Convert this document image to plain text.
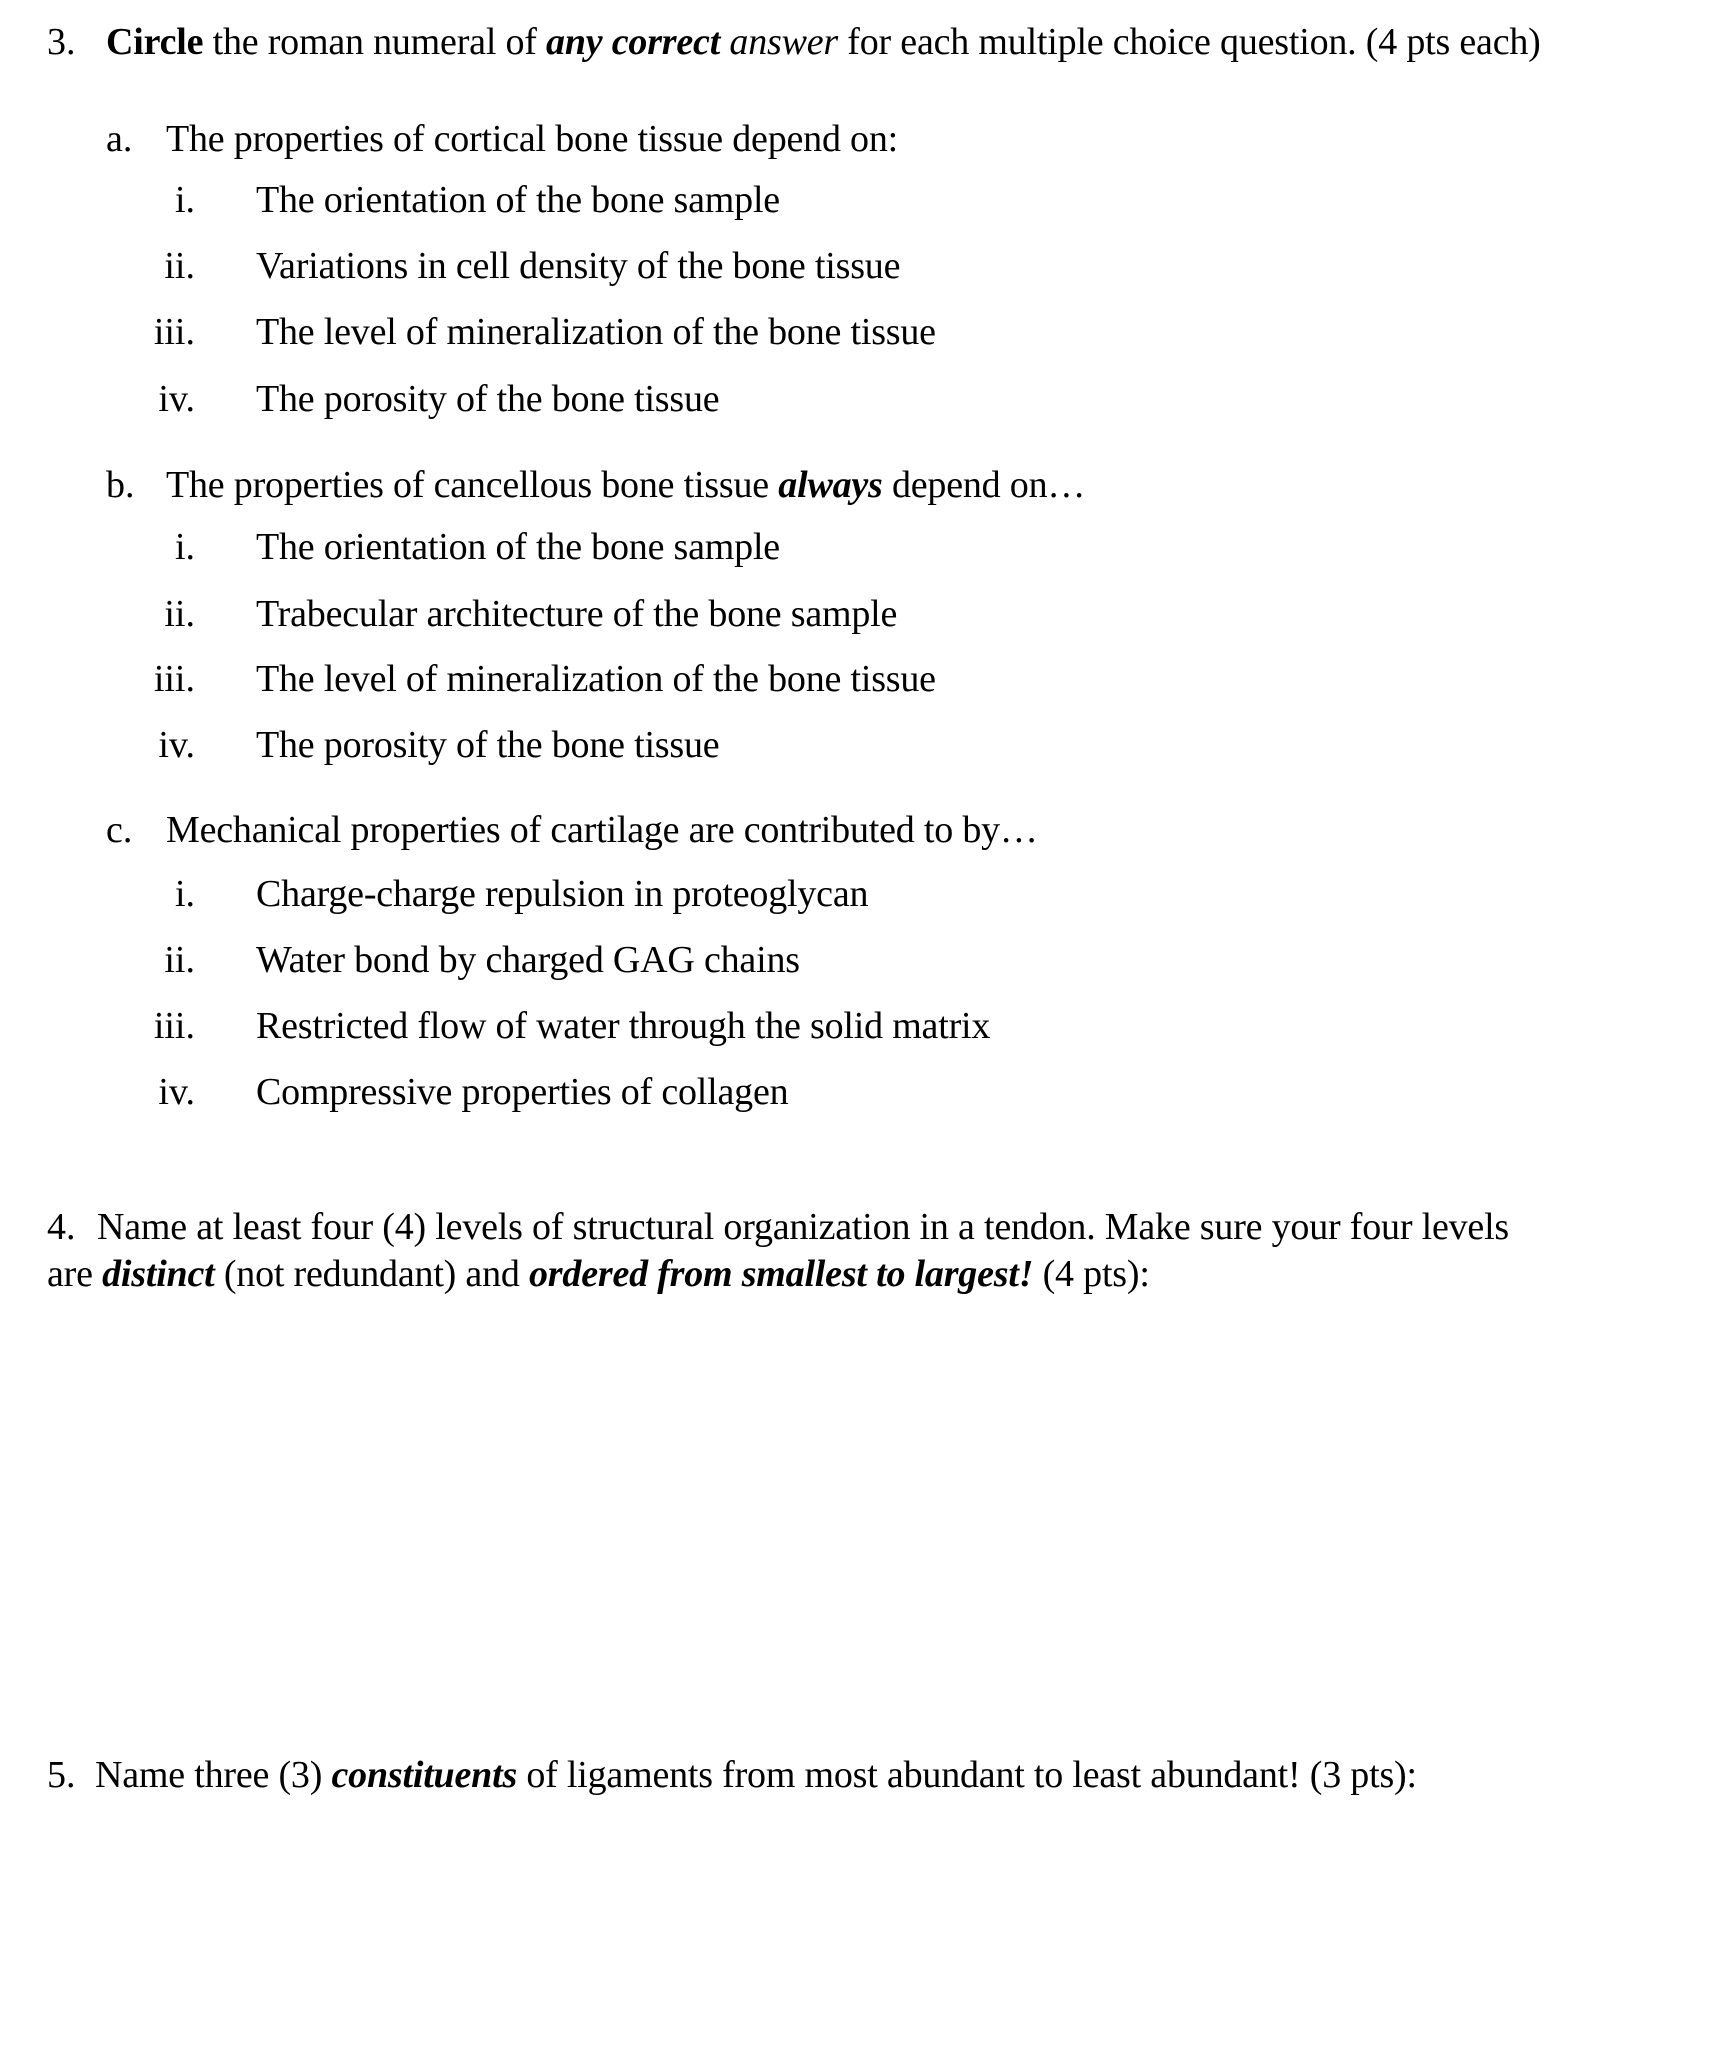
3. Circle the roman numeral of any correct answer for each multiple choice question. (4 pts each)
a. The properties of cortical bone tissue depend on:
i. The orientation of the bone sample
ii. Variations in cell density of the bone tissue
iii. The level of mineralization of the bone tissue
iv. The porosity of the bone tissue
b. The properties of cancellous bone tissue always depend on…
i. The orientation of the bone sample
ii. Trabecular architecture of the bone sample
iii. The level of mineralization of the bone tissue
iv. The porosity of the bone tissue
c. Mechanical properties of cartilage are contributed to by…
i. Charge-charge repulsion in proteoglycan
ii. Water bond by charged GAG chains
iii. Restricted flow of water through the solid matrix
iv. Compressive properties of collagen
4. Name at least four (4) levels of structural organization in a tendon. Make sure your four levels
are distinct (not redundant) and ordered from smallest to largest! (4 pts):
5. Name three (3) constituents of ligaments from most abundant to least abundant! (3 pts):
